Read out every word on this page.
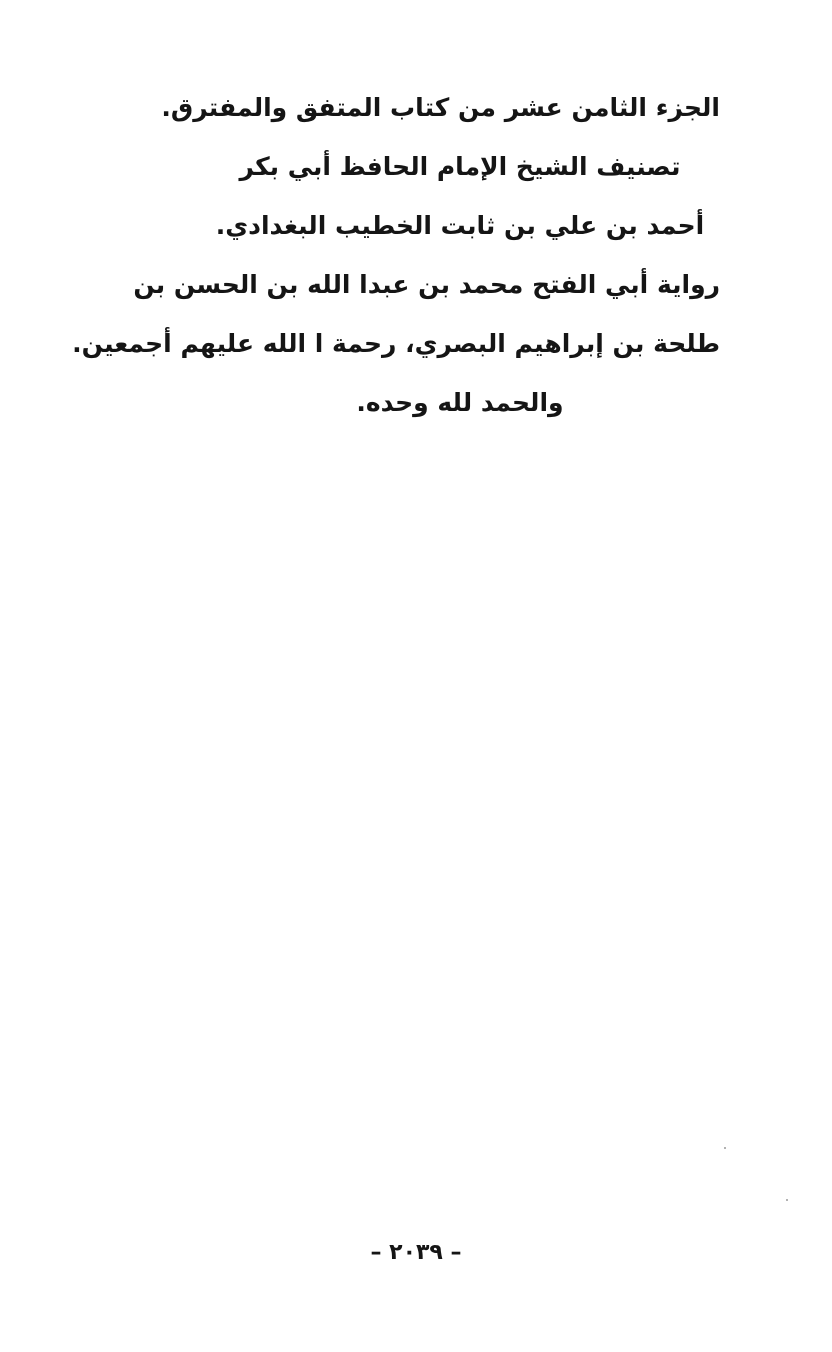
الجزء الثامن عشر من كتاب المتفق والمفترق.
تصنيف الشيخ الإمام الحافظ أبي بكر
أحمد بن علي بن ثابت الخطيب البغدادي.
رواية أبي الفتح محمد بن عبدا الله بن الحسن بن
طلحة بن إبراهيم البصري، رحمة ا الله عليهم أجمعين.
والحمد لله وحده.
– ٢٠٣٩ –
